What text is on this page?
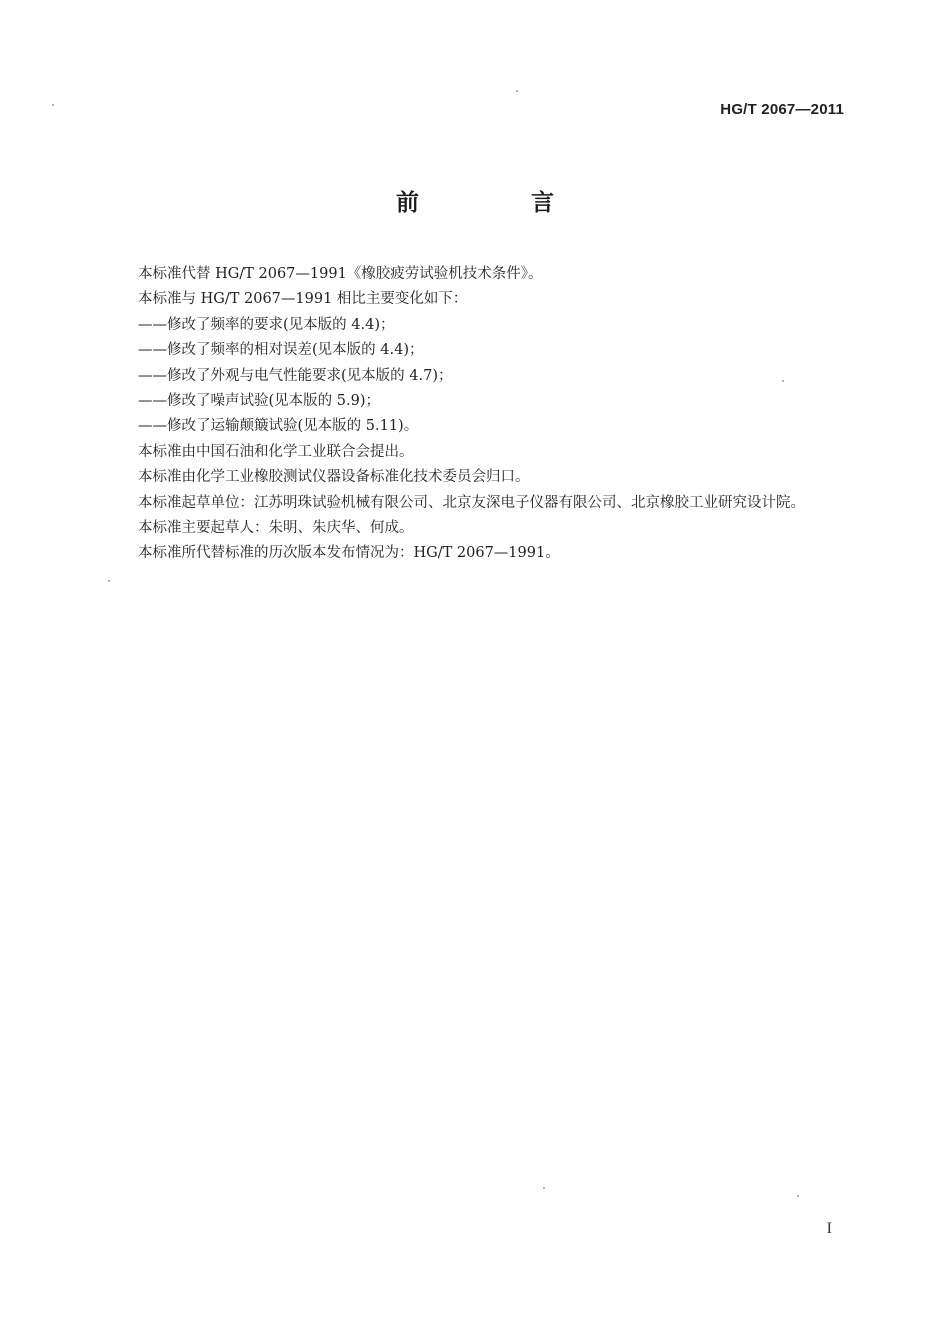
HG/T 2067—2011
前 言

本标准代替 HG/T 2067—1991《橡胶疲劳试验机技术条件》。

本标准与 HG/T 2067—1991 相比主要变化如下：

——修改了频率的要求(见本版的 4.4)；

——修改了频率的相对误差(见本版的 4.4)；

——修改了外观与电气性能要求(见本版的 4.7)；

——修改了噪声试验(见本版的 5.9)；

——修改了运输颠簸试验(见本版的 5.11)。

本标准由中国石油和化学工业联合会提出。

本标准由化学工业橡胶测试仪器设备标准化技术委员会归口。

本标准起草单位：江苏明珠试验机械有限公司、北京友深电子仪器有限公司、北京橡胶工业研究设计院。

本标准主要起草人：朱明、朱庆华、何成。

本标准所代替标准的历次版本发布情况为：HG/T 2067—1991。

I
